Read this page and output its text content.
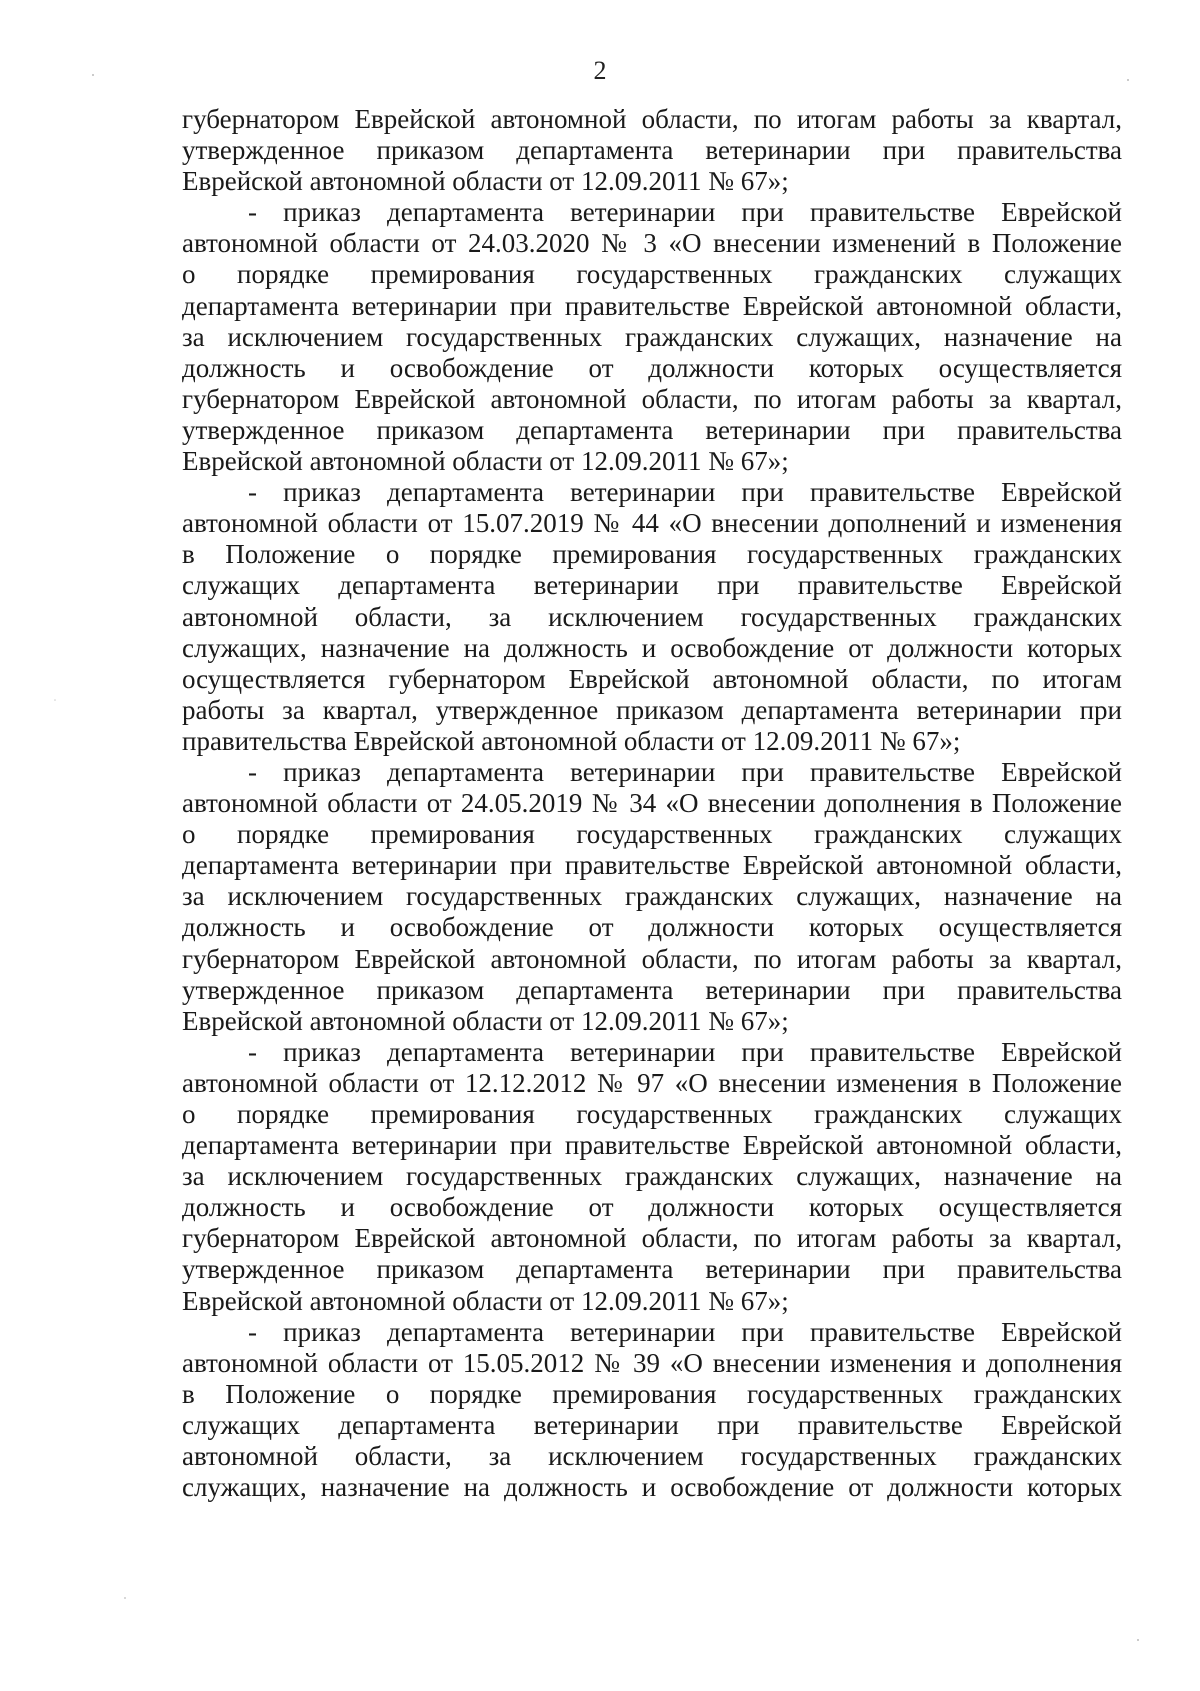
2
губернатором Еврейской автономной области, по итогам работы за квартал,
утвержденное приказом департамента ветеринарии при правительства
Еврейской автономной области от 12.09.2011 № 67»;
- приказ департамента ветеринарии при правительстве Еврейской
автономной области от 24.03.2020 № 3 «О внесении изменений в Положение
о порядке премирования государственных гражданских служащих
департамента ветеринарии при правительстве Еврейской автономной области,
за исключением государственных гражданских служащих, назначение на
должность и освобождение от должности которых осуществляется
губернатором Еврейской автономной области, по итогам работы за квартал,
утвержденное приказом департамента ветеринарии при правительства
Еврейской автономной области от 12.09.2011 № 67»;
- приказ департамента ветеринарии при правительстве Еврейской
автономной области от 15.07.2019 № 44 «О внесении дополнений и изменения
в Положение о порядке премирования государственных гражданских
служащих департамента ветеринарии при правительстве Еврейской
автономной области, за исключением государственных гражданских
служащих, назначение на должность и освобождение от должности которых
осуществляется губернатором Еврейской автономной области, по итогам
работы за квартал, утвержденное приказом департамента ветеринарии при
правительства Еврейской автономной области от 12.09.2011 № 67»;
- приказ департамента ветеринарии при правительстве Еврейской
автономной области от 24.05.2019 № 34 «О внесении дополнения в Положение
о порядке премирования государственных гражданских служащих
департамента ветеринарии при правительстве Еврейской автономной области,
за исключением государственных гражданских служащих, назначение на
должность и освобождение от должности которых осуществляется
губернатором Еврейской автономной области, по итогам работы за квартал,
утвержденное приказом департамента ветеринарии при правительства
Еврейской автономной области от 12.09.2011 № 67»;
- приказ департамента ветеринарии при правительстве Еврейской
автономной области от 12.12.2012 № 97 «О внесении изменения в Положение
о порядке премирования государственных гражданских служащих
департамента ветеринарии при правительстве Еврейской автономной области,
за исключением государственных гражданских служащих, назначение на
должность и освобождение от должности которых осуществляется
губернатором Еврейской автономной области, по итогам работы за квартал,
утвержденное приказом департамента ветеринарии при правительства
Еврейской автономной области от 12.09.2011 № 67»;
- приказ департамента ветеринарии при правительстве Еврейской
автономной области от 15.05.2012 № 39 «О внесении изменения и дополнения
в Положение о порядке премирования государственных гражданских
служащих департамента ветеринарии при правительстве Еврейской
автономной области, за исключением государственных гражданских
служащих, назначение на должность и освобождение от должности которых
